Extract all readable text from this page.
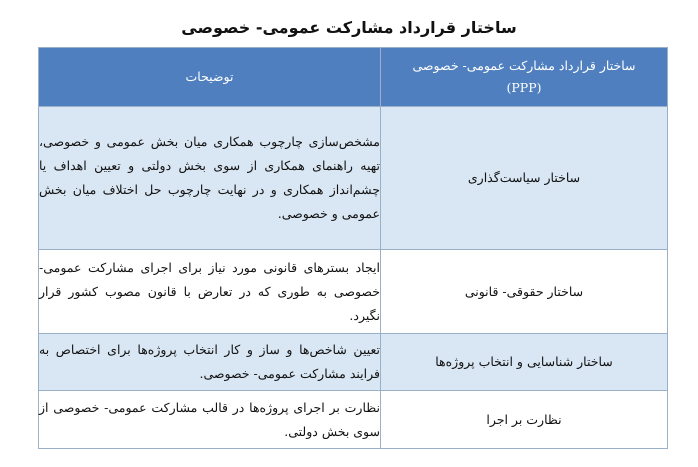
ساختار قرارداد مشارکت عمومی- خصوصی
ساختار قرارداد مشارکت عمومی- خصوصی
(PPP)	توضیحات
ساختار سیاست‌گذاری	مشخص‌سازی چارچوب همکاری میان بخش عمومی و خصوصی، تهیه راهنمای همکاری از سوی بخش دولتی و تعیین اهداف یا چشم‌انداز همکاری و در نهایت چارچوب حل اختلاف میان بخش عمومی و خصوصی.
ساختار حقوقی- قانونی	ایجاد بسترهای قانونی مورد نیاز برای اجرای مشارکت عمومی- خصوصی به طوری که در تعارض با قانون مصوب کشور قرار نگیرد.
ساختار شناسایی و انتخاب پروژه‌ها	تعیین شاخص‌ها و ساز و کار انتخاب پروژه‌ها برای اختصاص به فرایند مشارکت عمومی- خصوصی.
نظارت بر اجرا	نظارت بر اجرای پروژه‌ها در قالب مشارکت عمومی- خصوصی از سوی بخش دولتی.
